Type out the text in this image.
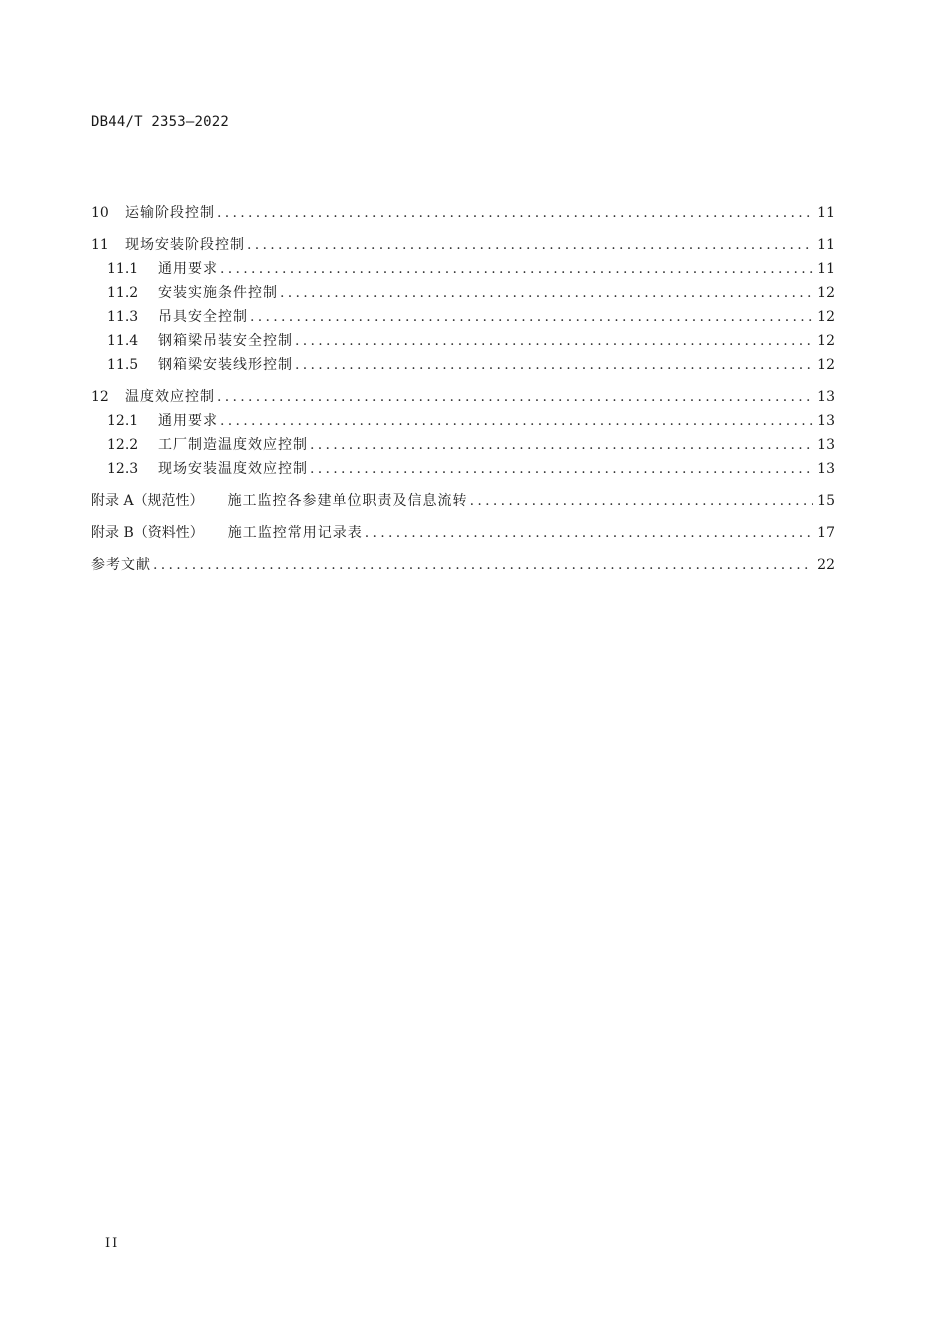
DB44/T 2353—2022
10	运输阶段控制 .....	11
11	现场安装阶段控制 .....	11
11.1	通用要求 .....	11
11.2	安装实施条件控制 .....	12
11.3	吊具安全控制 .....	12
11.4	钢箱梁吊装安全控制 .....	12
11.5	钢箱梁安装线形控制 .....	12
12	温度效应控制 .....	13
12.1	通用要求 .....	13
12.2	工厂制造温度效应控制 .....	13
12.3	现场安装温度效应控制 .....	13
附录 A （规范性） 施工监控各参建单位职责及信息流转 .....	15
附录 B （资料性） 施工监控常用记录表 .....	17
参考文献 .....	22
II
